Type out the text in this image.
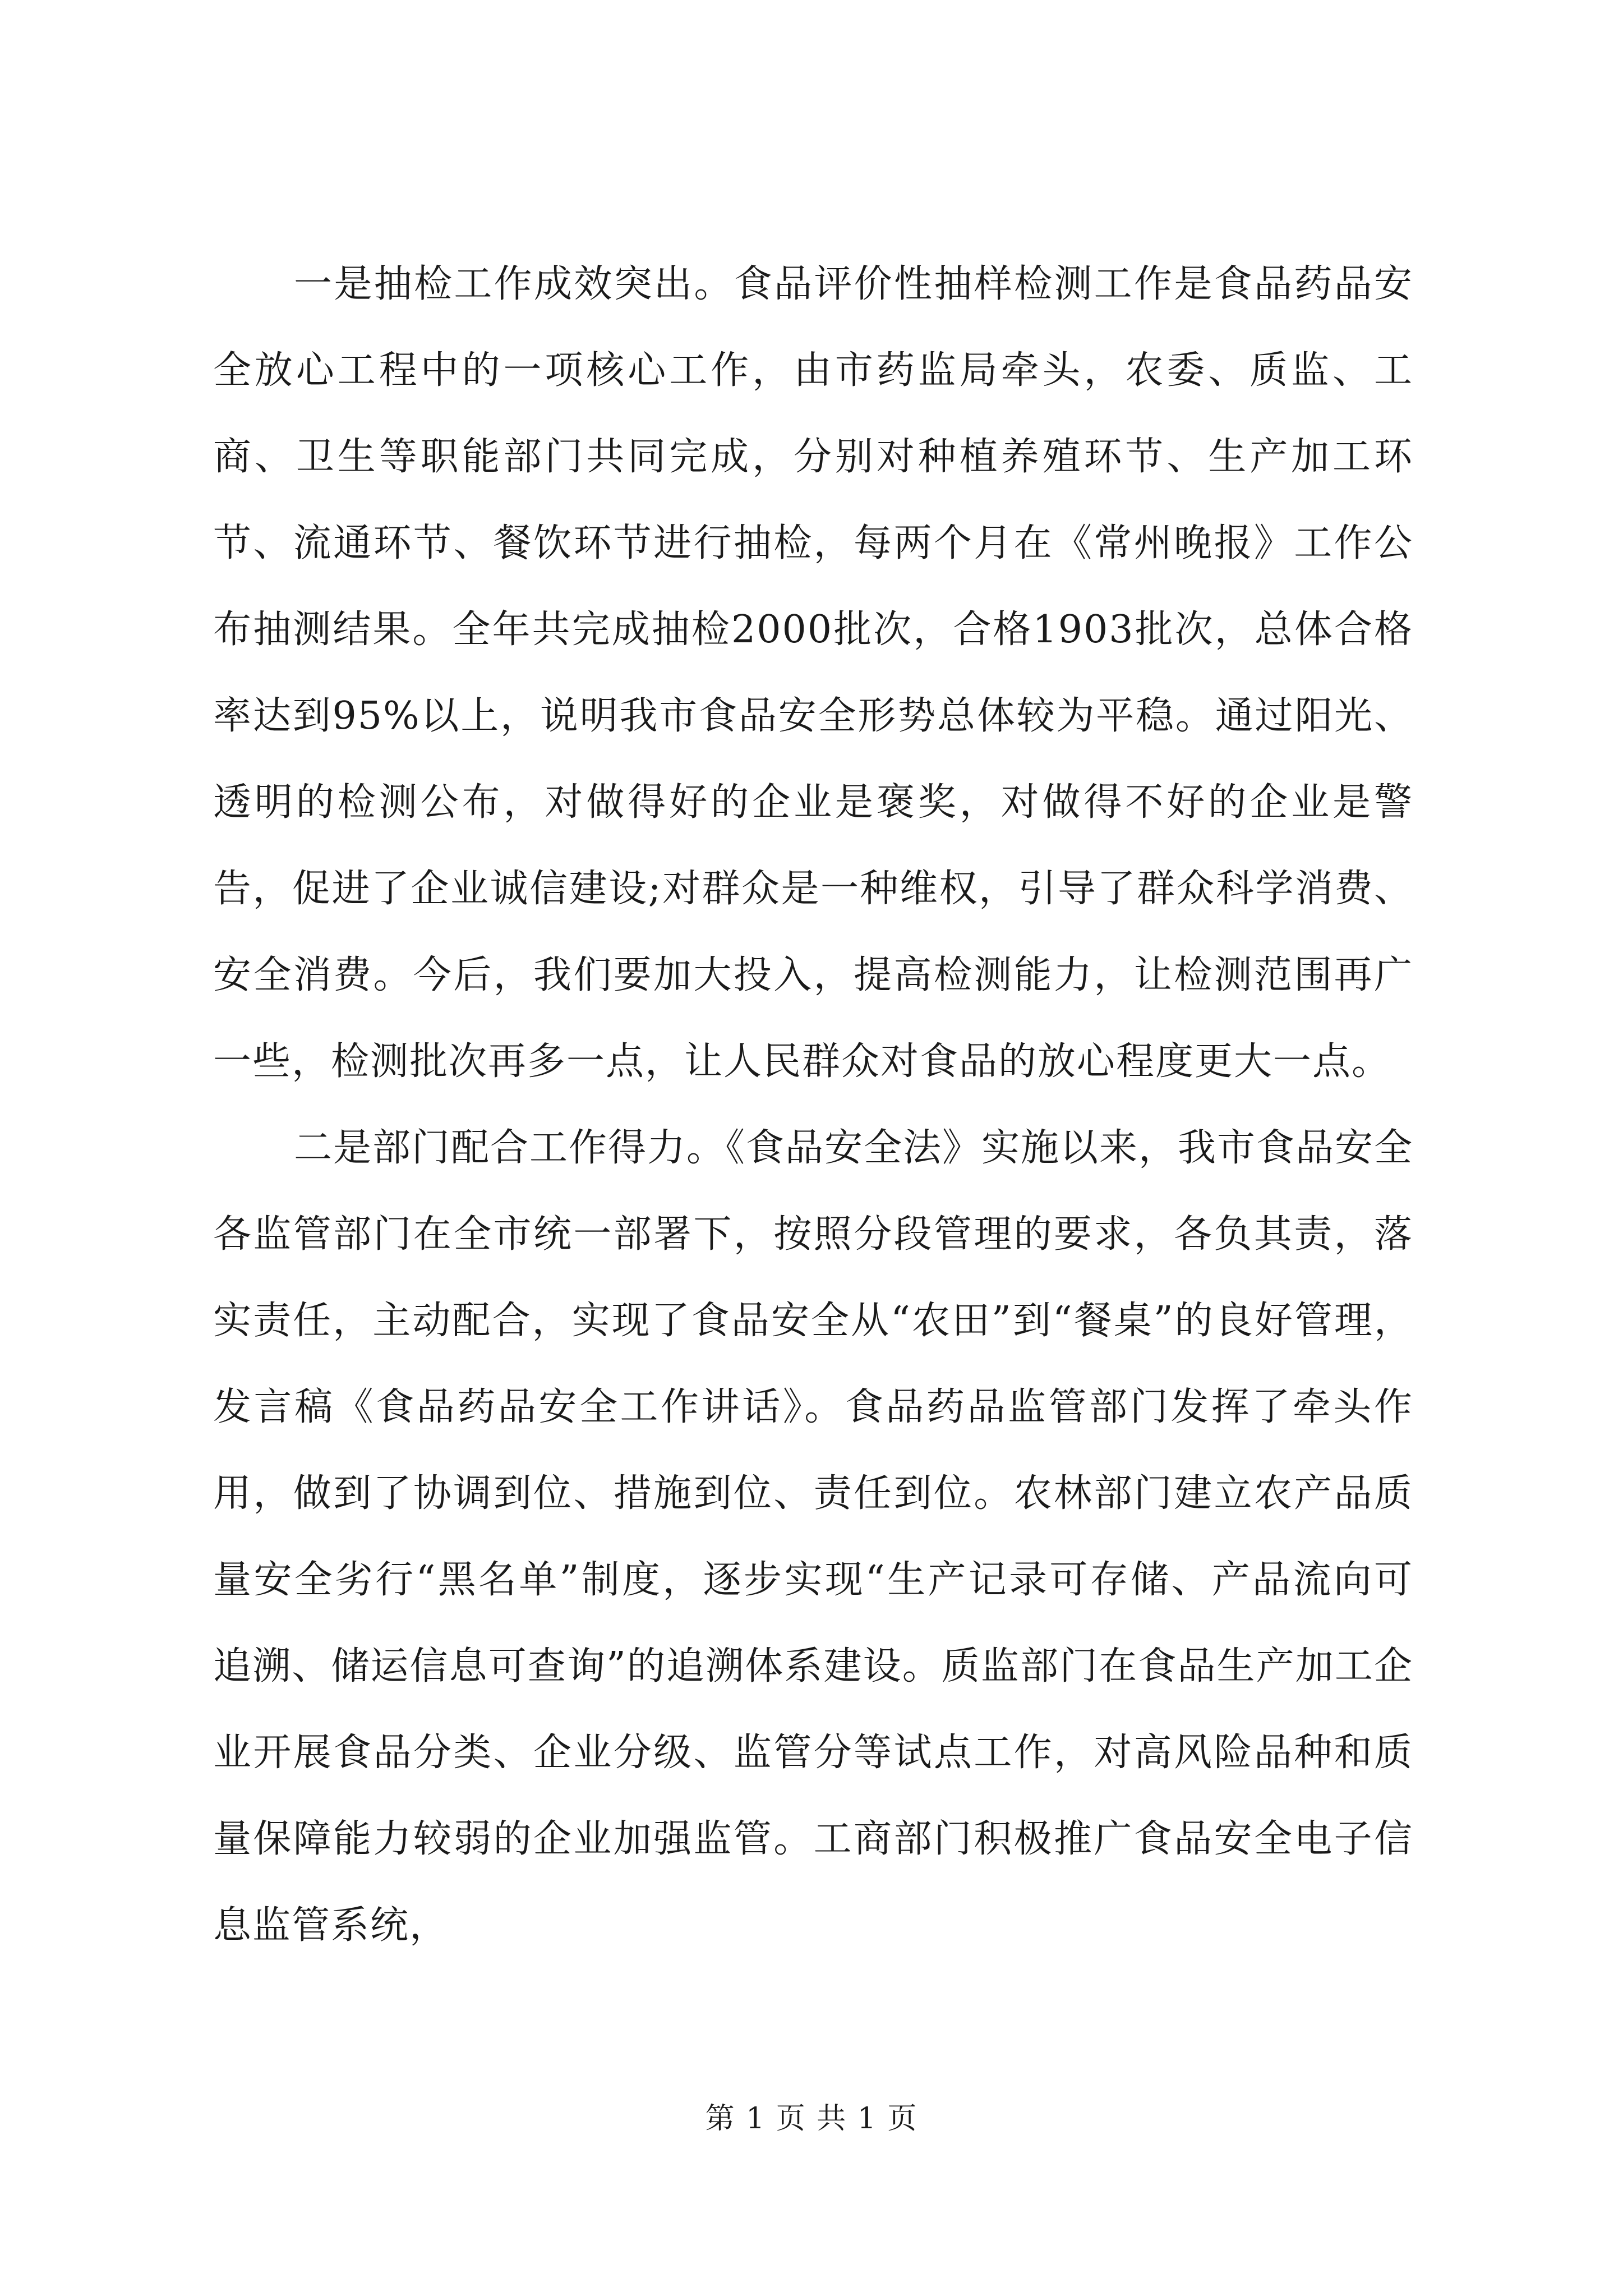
一是抽检工作成效突出。食品评价性抽样检测工作是食品药品安全放心工程中的一项核心工作，由市药监局牵头，农委、质监、工商、卫生等职能部门共同完成，分别对种植养殖环节、生产加工环节、流通环节、餐饮环节进行抽检，每两个月在《常州晚报》工作公布抽测结果。全年共完成抽检2000批次，合格1903批次，总体合格率达到95%以上，说明我市食品安全形势总体较为平稳。通过阳光、透明的检测公布，对做得好的企业是褒奖，对做得不好的企业是警告，促进了企业诚信建设;对群众是一种维权，引导了群众科学消费、安全消费。今后，我们要加大投入，提高检测能力，让检测范围再广一些，检测批次再多一点，让人民群众对食品的放心程度更大一点。

二是部门配合工作得力。《食品安全法》实施以来，我市食品安全各监管部门在全市统一部署下，按照分段管理的要求，各负其责，落实责任，主动配合，实现了食品安全从“农田”到“餐桌”的良好管理，发言稿《食品药品安全工作讲话》。食品药品监管部门发挥了牵头作用，做到了协调到位、措施到位、责任到位。农林部门建立农产品质量安全劣行“黑名单”制度，逐步实现“生产记录可存储、产品流向可追溯、储运信息可查询”的追溯体系建设。质监部门在食品生产加工企业开展食品分类、企业分级、监管分等试点工作，对高风险品种和质量保障能力较弱的企业加强监管。工商部门积极推广食品安全电子信息监管系统，

第 1 页 共 1 页
